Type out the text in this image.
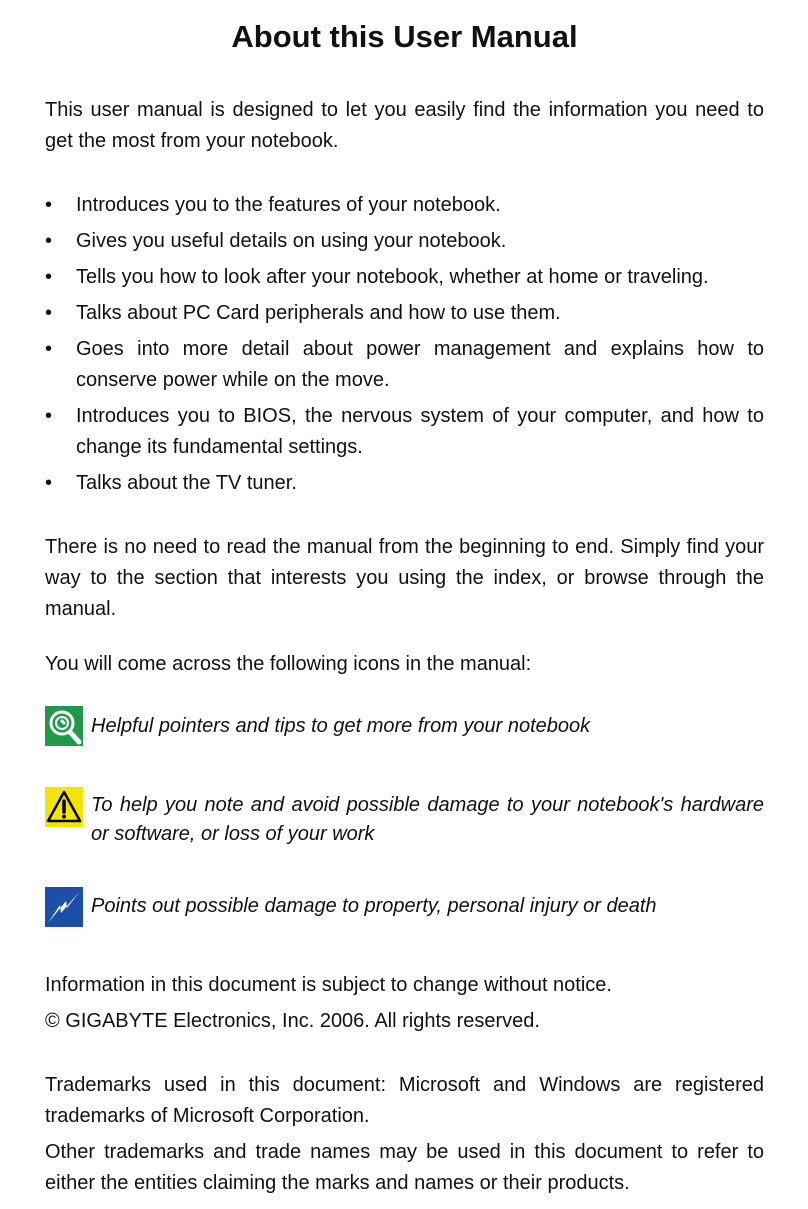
About this User Manual

This user manual is designed to let you easily find the information you need to get the most from your notebook.

•	Introduces you to the features of your notebook.
•	Gives you useful details on using your notebook.
•	Tells you how to look after your notebook, whether at home or traveling.
•	Talks about PC Card peripherals and how to use them.
•	Goes into more detail about power management and explains how to conserve power while on the move.
•	Introduces you to BIOS, the nervous system of your computer, and how to change its fundamental settings.
•	Talks about the TV tuner.

There is no need to read the manual from the beginning to end. Simply find your way to the section that interests you using the index, or browse through the manual.

You will come across the following icons in the manual:

Helpful pointers and tips to get more from your notebook
To help you note and avoid possible damage to your notebook's hardware or software, or loss of your work
Points out possible damage to property, personal injury or death

Information in this document is subject to change without notice.

© GIGABYTE Electronics, Inc. 2006. All rights reserved.

Trademarks used in this document: Microsoft and Windows are registered trademarks of Microsoft Corporation.

Other trademarks and trade names may be used in this document to refer to either the entities claiming the marks and names or their products.
